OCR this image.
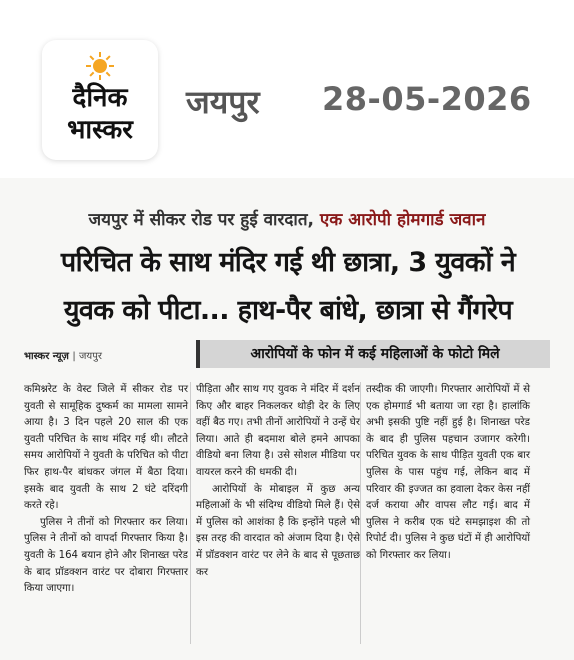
दैनिक
भास्कर
जयपुर 28-05-2026
जयपुर में सीकर रोड पर हुई वारदात, एक आरोपी होमगार्ड जवान
परिचित के साथ मंदिर गई थी छात्रा, 3 युवकों ने
युवक को पीटा... हाथ-पैर बांधे, छात्रा से गैंगरेप
भास्कर न्यूज़ | जयपुर	आरोपियों के फोन में कई महिलाओं के फोटो मिले

कमिश्नरेट के वेस्ट जिले में सीकर रोड पर युवती से सामूहिक दुष्कर्म का मामला सामने आया है। 3 दिन पहले 20 साल की एक युवती परिचित के साथ मंदिर गई थी। लौटते समय आरोपियों ने युवती के परिचित को पीटा फिर हाथ-पैर बांधकर जंगल में बैठा दिया। इसके बाद युवती के साथ 2 घंटे दरिंदगी करते रहे।

पुलिस ने तीनों को गिरफ्तार कर लिया। पुलिस ने तीनों को वापर्दा गिरफ्तार किया है। युवती के 164 बयान होने और शिनाख्त परेड के बाद प्रॉडक्शन वारंट पर दोबारा गिरफ्तार किया जाएगा।

पीड़िता और साथ गए युवक ने मंदिर में दर्शन किए और बाहर निकलकर थोड़ी देर के लिए वहीं बैठ गए। तभी तीनों आरोपियों ने उन्हें घेर लिया। आते ही बदमाश बोले हमने आपका वीडियो बना लिया है। उसे सोशल मीडिया पर वायरल करने की धमकी दी।

आरोपियों के मोबाइल में कुछ अन्य महिलाओं के भी संदिग्ध वीडियो मिले हैं। ऐसे में पुलिस को आशंका है कि इन्होंने पहले भी इस तरह की वारदात को अंजाम दिया है। ऐसे में प्रॉडक्शन वारंट पर लेने के बाद से पूछताछ कर

तस्दीक की जाएगी। गिरफ्तार आरोपियों में से एक होमगार्ड भी बताया जा रहा है। हालांकि अभी इसकी पुष्टि नहीं हुई है। शिनाख्त परेड के बाद ही पुलिस पहचान उजागर करेगी। परिचित युवक के साथ पीड़ित युवती एक बार पुलिस के पास पहुंच गई, लेकिन बाद में परिवार की इज्जत का हवाला देकर केस नहीं दर्ज कराया और वापस लौट गई। बाद में पुलिस ने करीब एक घंटे समझाइश की तो रिपोर्ट दी। पुलिस ने कुछ घंटों में ही आरोपियों को गिरफ्तार कर लिया।
